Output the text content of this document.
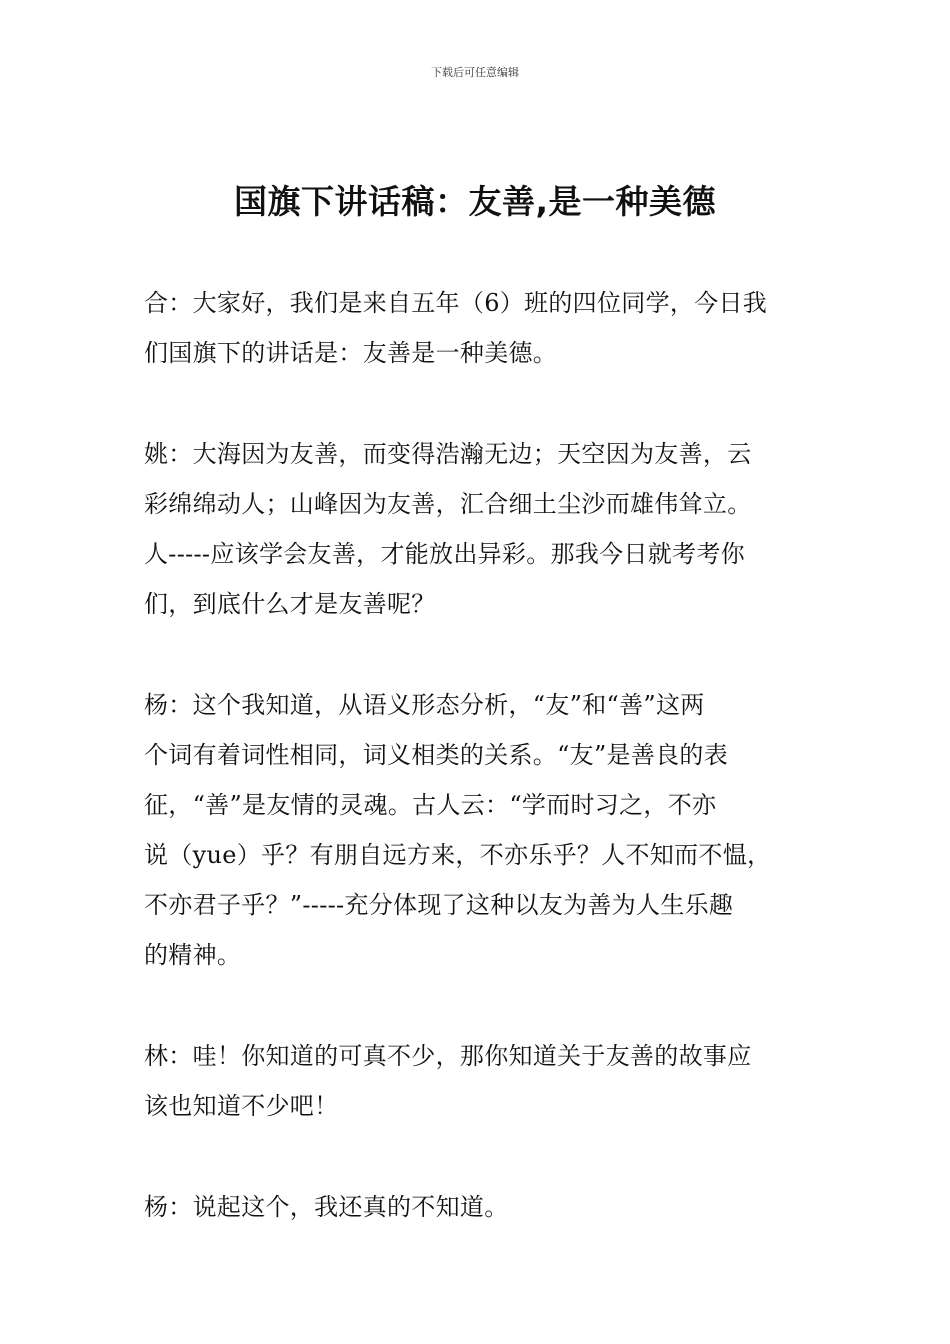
下载后可任意编辑
国旗下讲话稿：友善,是一种美德

合：大家好，我们是来自五年（6）班的四位同学，今日我
们国旗下的讲话是：友善是一种美德。

姚：大海因为友善，而变得浩瀚无边；天空因为友善，云
彩绵绵动人；山峰因为友善，汇合细土尘沙而雄伟耸立。
人-----应该学会友善，才能放出异彩。那我今日就考考你
们，到底什么才是友善呢？

杨：这个我知道，从语义形态分析，“友”和“善”这两
个词有着词性相同，词义相类的关系。“友”是善良的表
征，“善”是友情的灵魂。古人云：“学而时习之，不亦
说（yue）乎？有朋自远方来，不亦乐乎？人不知而不愠，
不亦君子乎？”-----充分体现了这种以友为善为人生乐趣
的精神。

林：哇！你知道的可真不少，那你知道关于友善的故事应
该也知道不少吧！

杨：说起这个，我还真的不知道。
